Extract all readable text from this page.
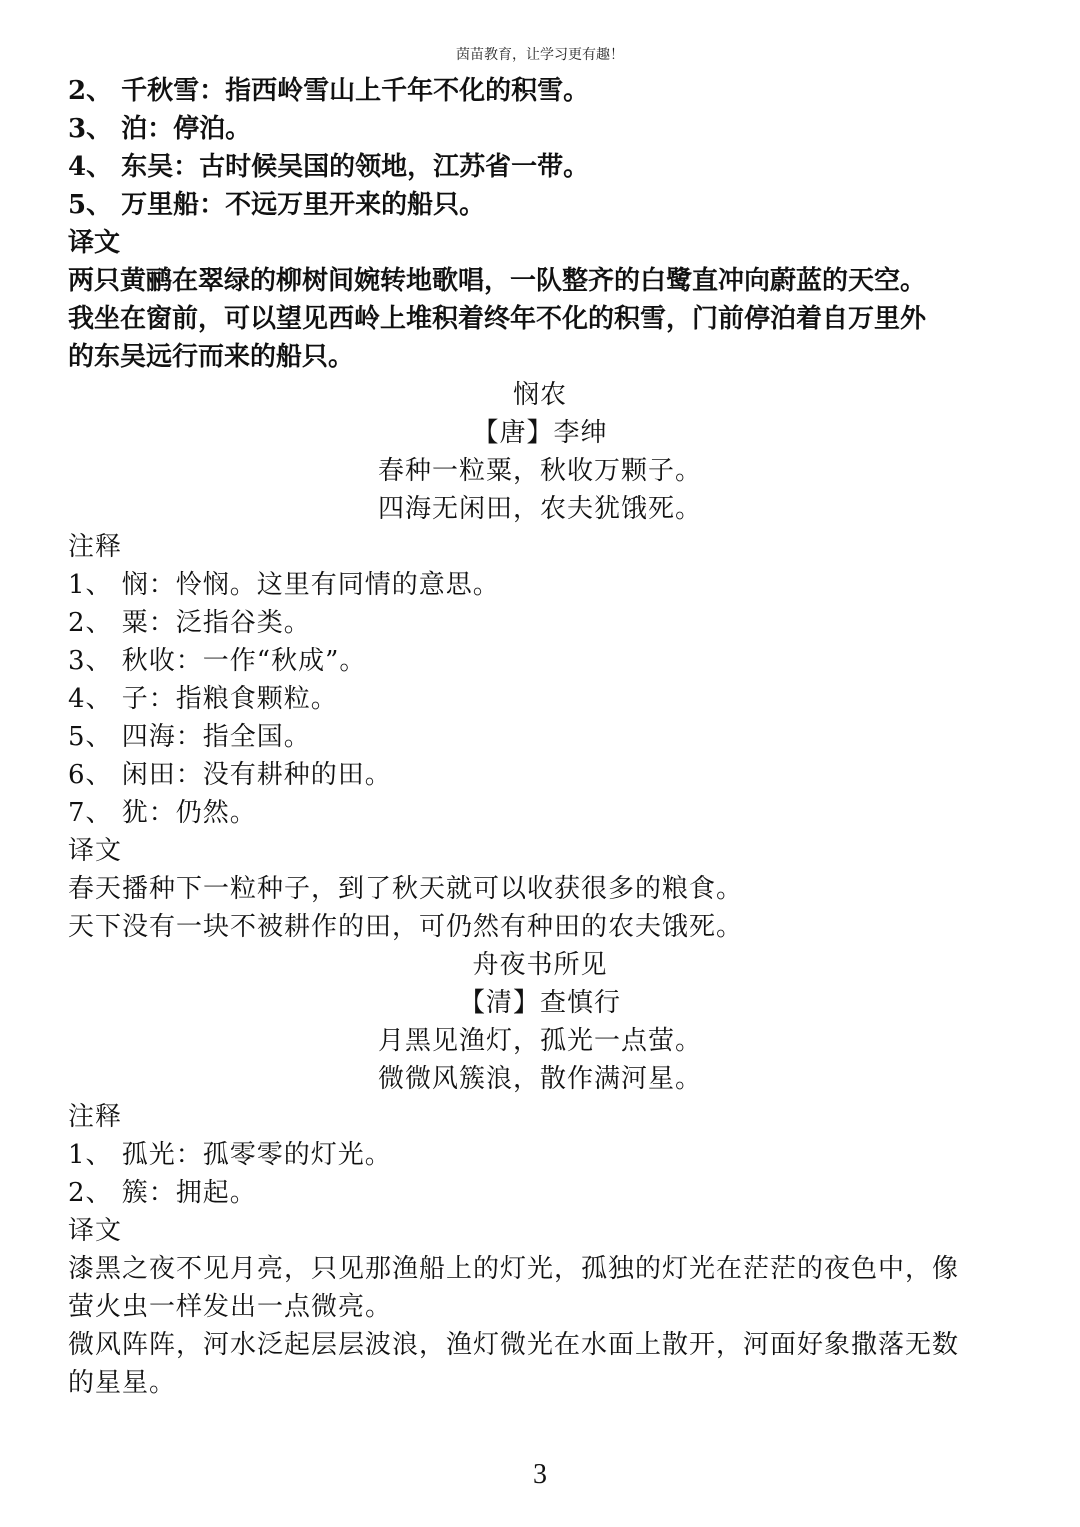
茵苗教育，让学习更有趣！
2、 千秋雪：指西岭雪山上千年不化的积雪。
3、 泊：停泊。
4、 东吴：古时候吴国的领地，江苏省一带。
5、 万里船：不远万里开来的船只。
译文
两只黄鹂在翠绿的柳树间婉转地歌唱，一队整齐的白鹭直冲向蔚蓝的天空。
我坐在窗前，可以望见西岭上堆积着终年不化的积雪，门前停泊着自万里外
的东吴远行而来的船只。
悯农
【唐】李绅
春种一粒粟，秋收万颗子。
四海无闲田，农夫犹饿死。
注释
1、 悯：怜悯。这里有同情的意思。
2、 粟：泛指谷类。
3、 秋收：一作“秋成”。
4、 子：指粮食颗粒。
5、 四海：指全国。
6、 闲田：没有耕种的田。
7、 犹：仍然。
译文
春天播种下一粒种子，到了秋天就可以收获很多的粮食。
天下没有一块不被耕作的田，可仍然有种田的农夫饿死。
舟夜书所见
【清】查慎行
月黑见渔灯，孤光一点萤。
微微风簇浪，散作满河星。
注释
1、 孤光：孤零零的灯光。
2、 簇：拥起。
译文
漆黑之夜不见月亮，只见那渔船上的灯光，孤独的灯光在茫茫的夜色中，像
萤火虫一样发出一点微亮。
微风阵阵，河水泛起层层波浪，渔灯微光在水面上散开，河面好象撒落无数
的星星。
3
